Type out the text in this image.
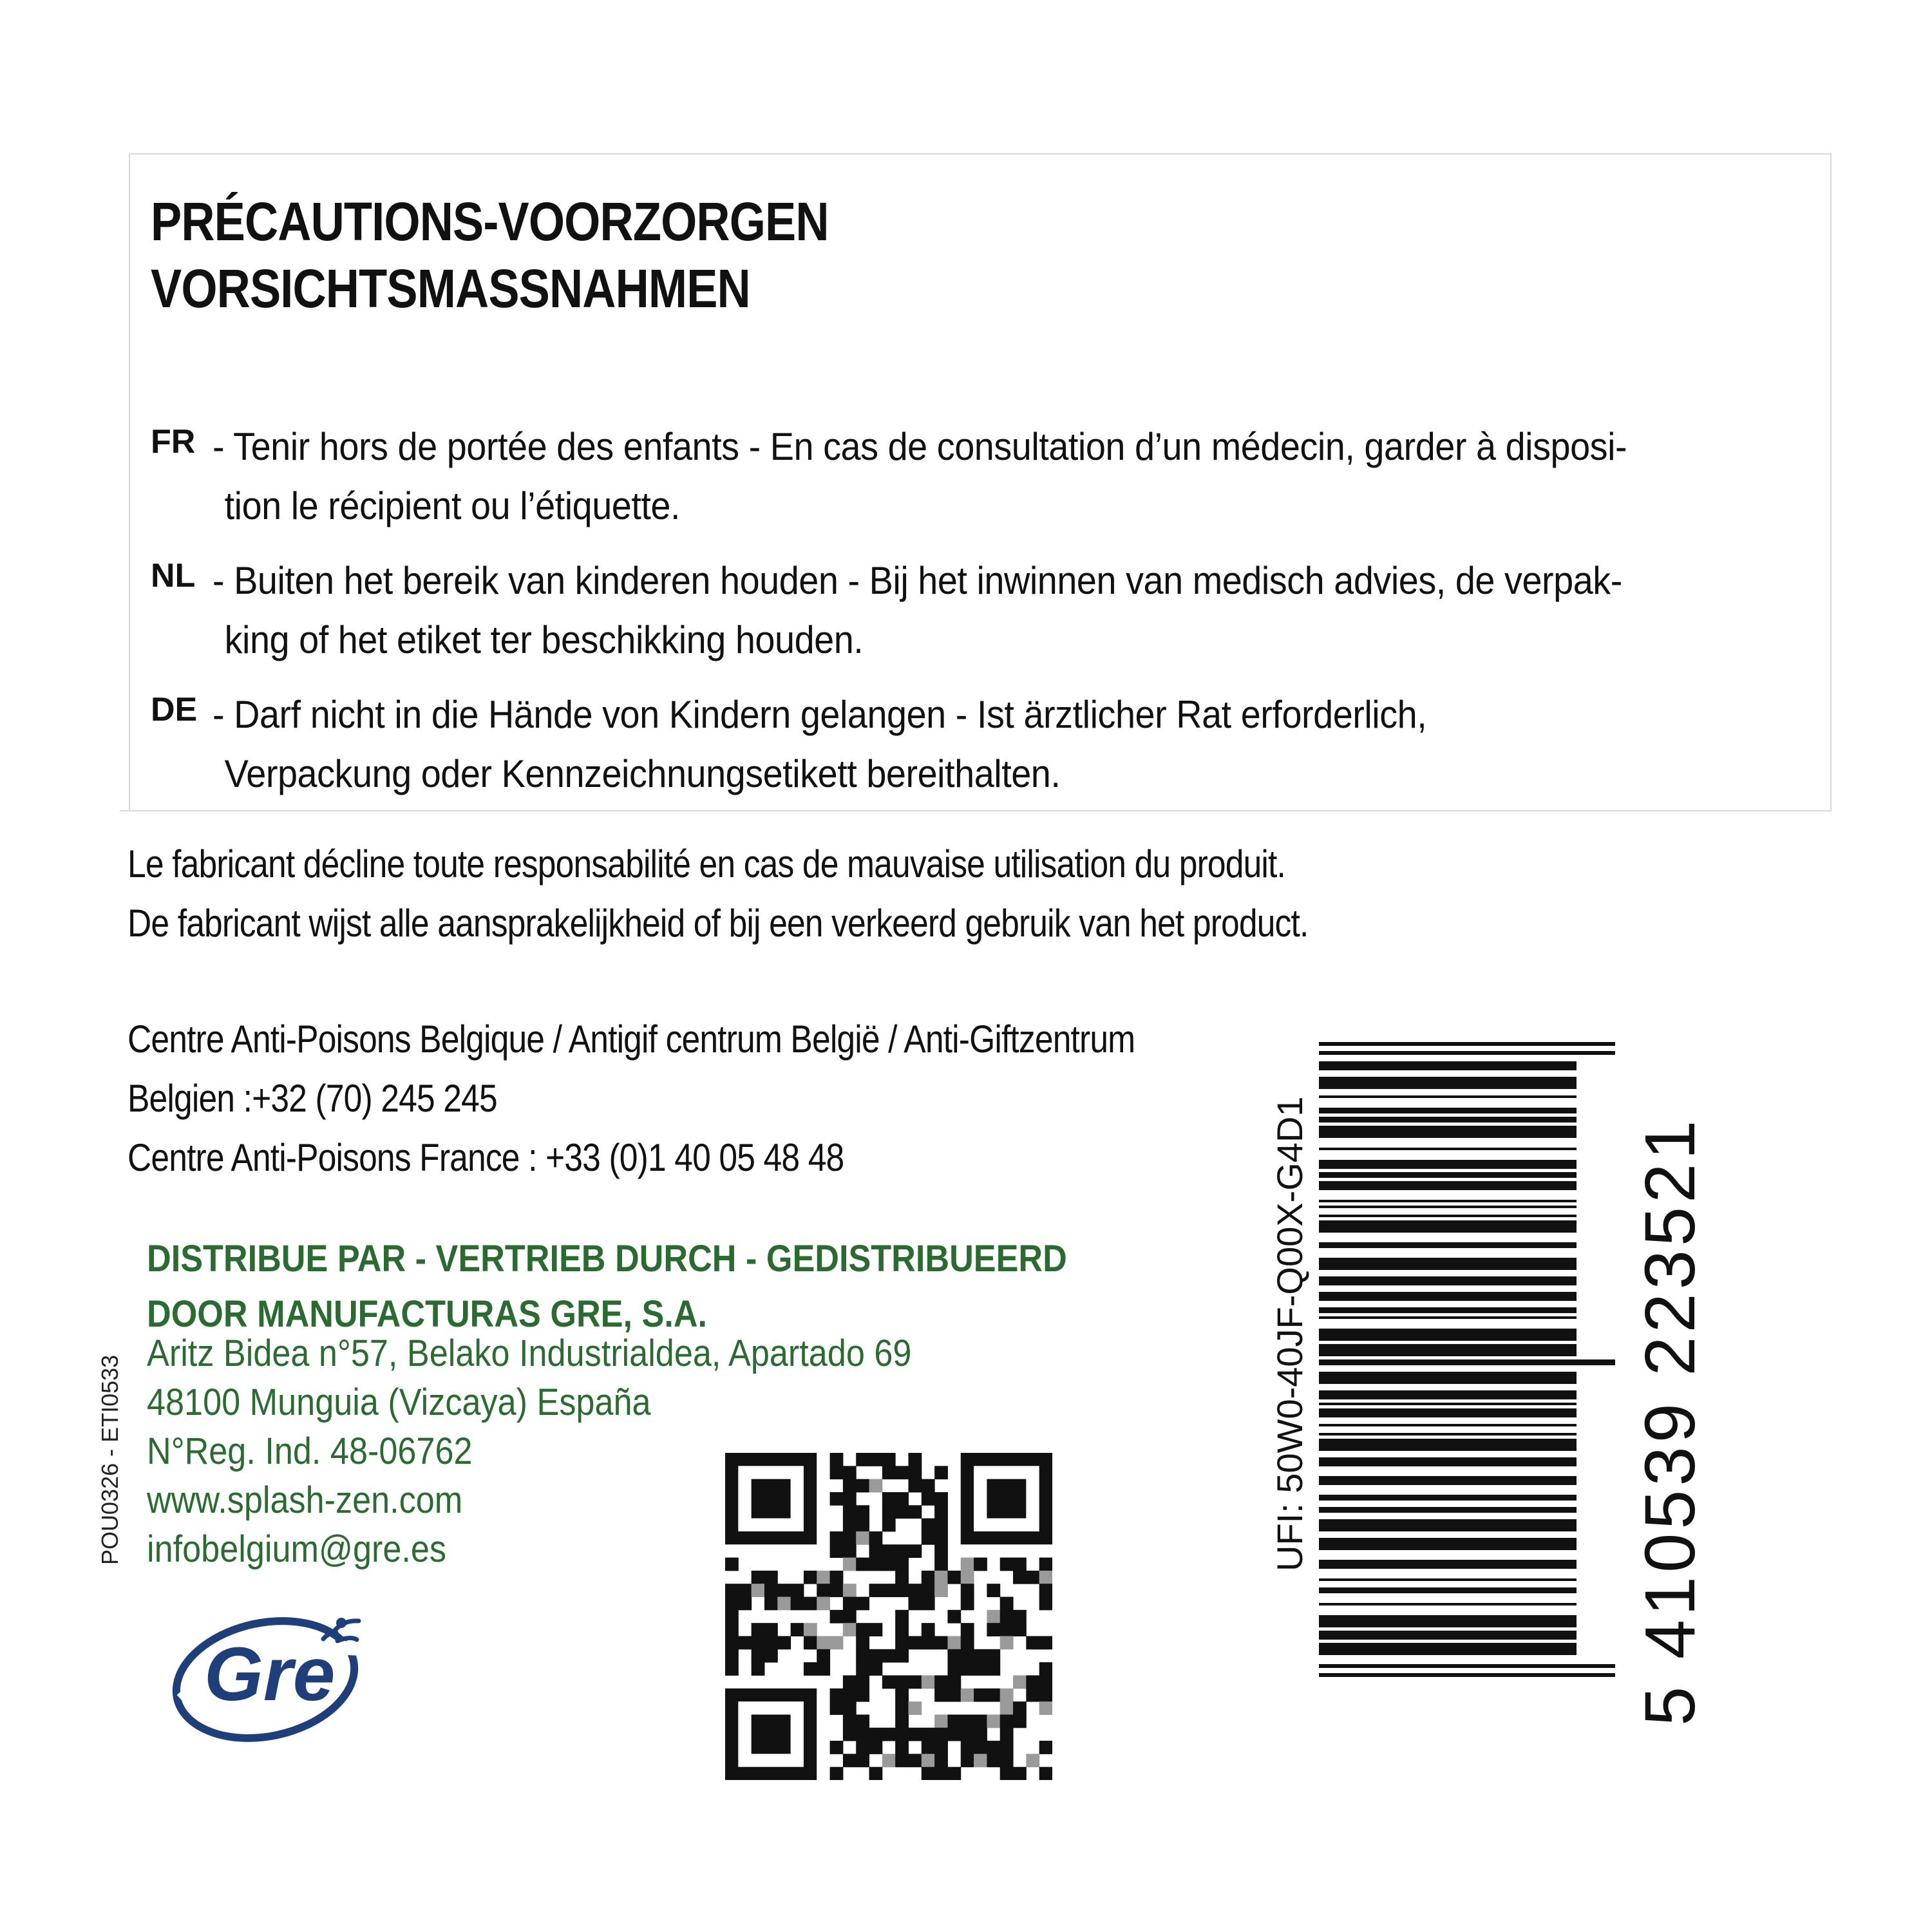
PRÉCAUTIONS-VOORZORGEN
VORSICHTSMASSNAHMEN
FR - Tenir hors de portée des enfants - En cas de consultation d’un médecin, garder à disposi-
tion le récipient ou l’étiquette.
NL - Buiten het bereik van kinderen houden - Bij het inwinnen van medisch advies, de verpak-
king of het etiket ter beschikking houden.
DE - Darf nicht in die Hände von Kindern gelangen - Ist ärztlicher Rat erforderlich,
Verpackung oder Kennzeichnungsetikett bereithalten.
Le fabricant décline toute responsabilité en cas de mauvaise utilisation du produit.
De fabricant wijst alle aansprakelijkheid of bij een verkeerd gebruik van het product.
Centre Anti-Poisons Belgique / Antigif centrum België / Anti-Giftzentrum
Belgien :+32 (70) 245 245
Centre Anti-Poisons France : +33 (0)1 40 05 48 48
DISTRIBUE PAR - VERTRIEB DURCH - GEDISTRIBUEERD
DOOR MANUFACTURAS GRE, S.A.
Aritz Bidea n°57, Belako Industrialdea, Apartado 69
48100 Munguia (Vizcaya) España
N°Reg. Ind. 48-06762
www.splash-zen.com
infobelgium@gre.es
POU0326 - ETI0533
Gre
UFI: 50W0-40JF-Q00X-G4D1	5 410539 223521
